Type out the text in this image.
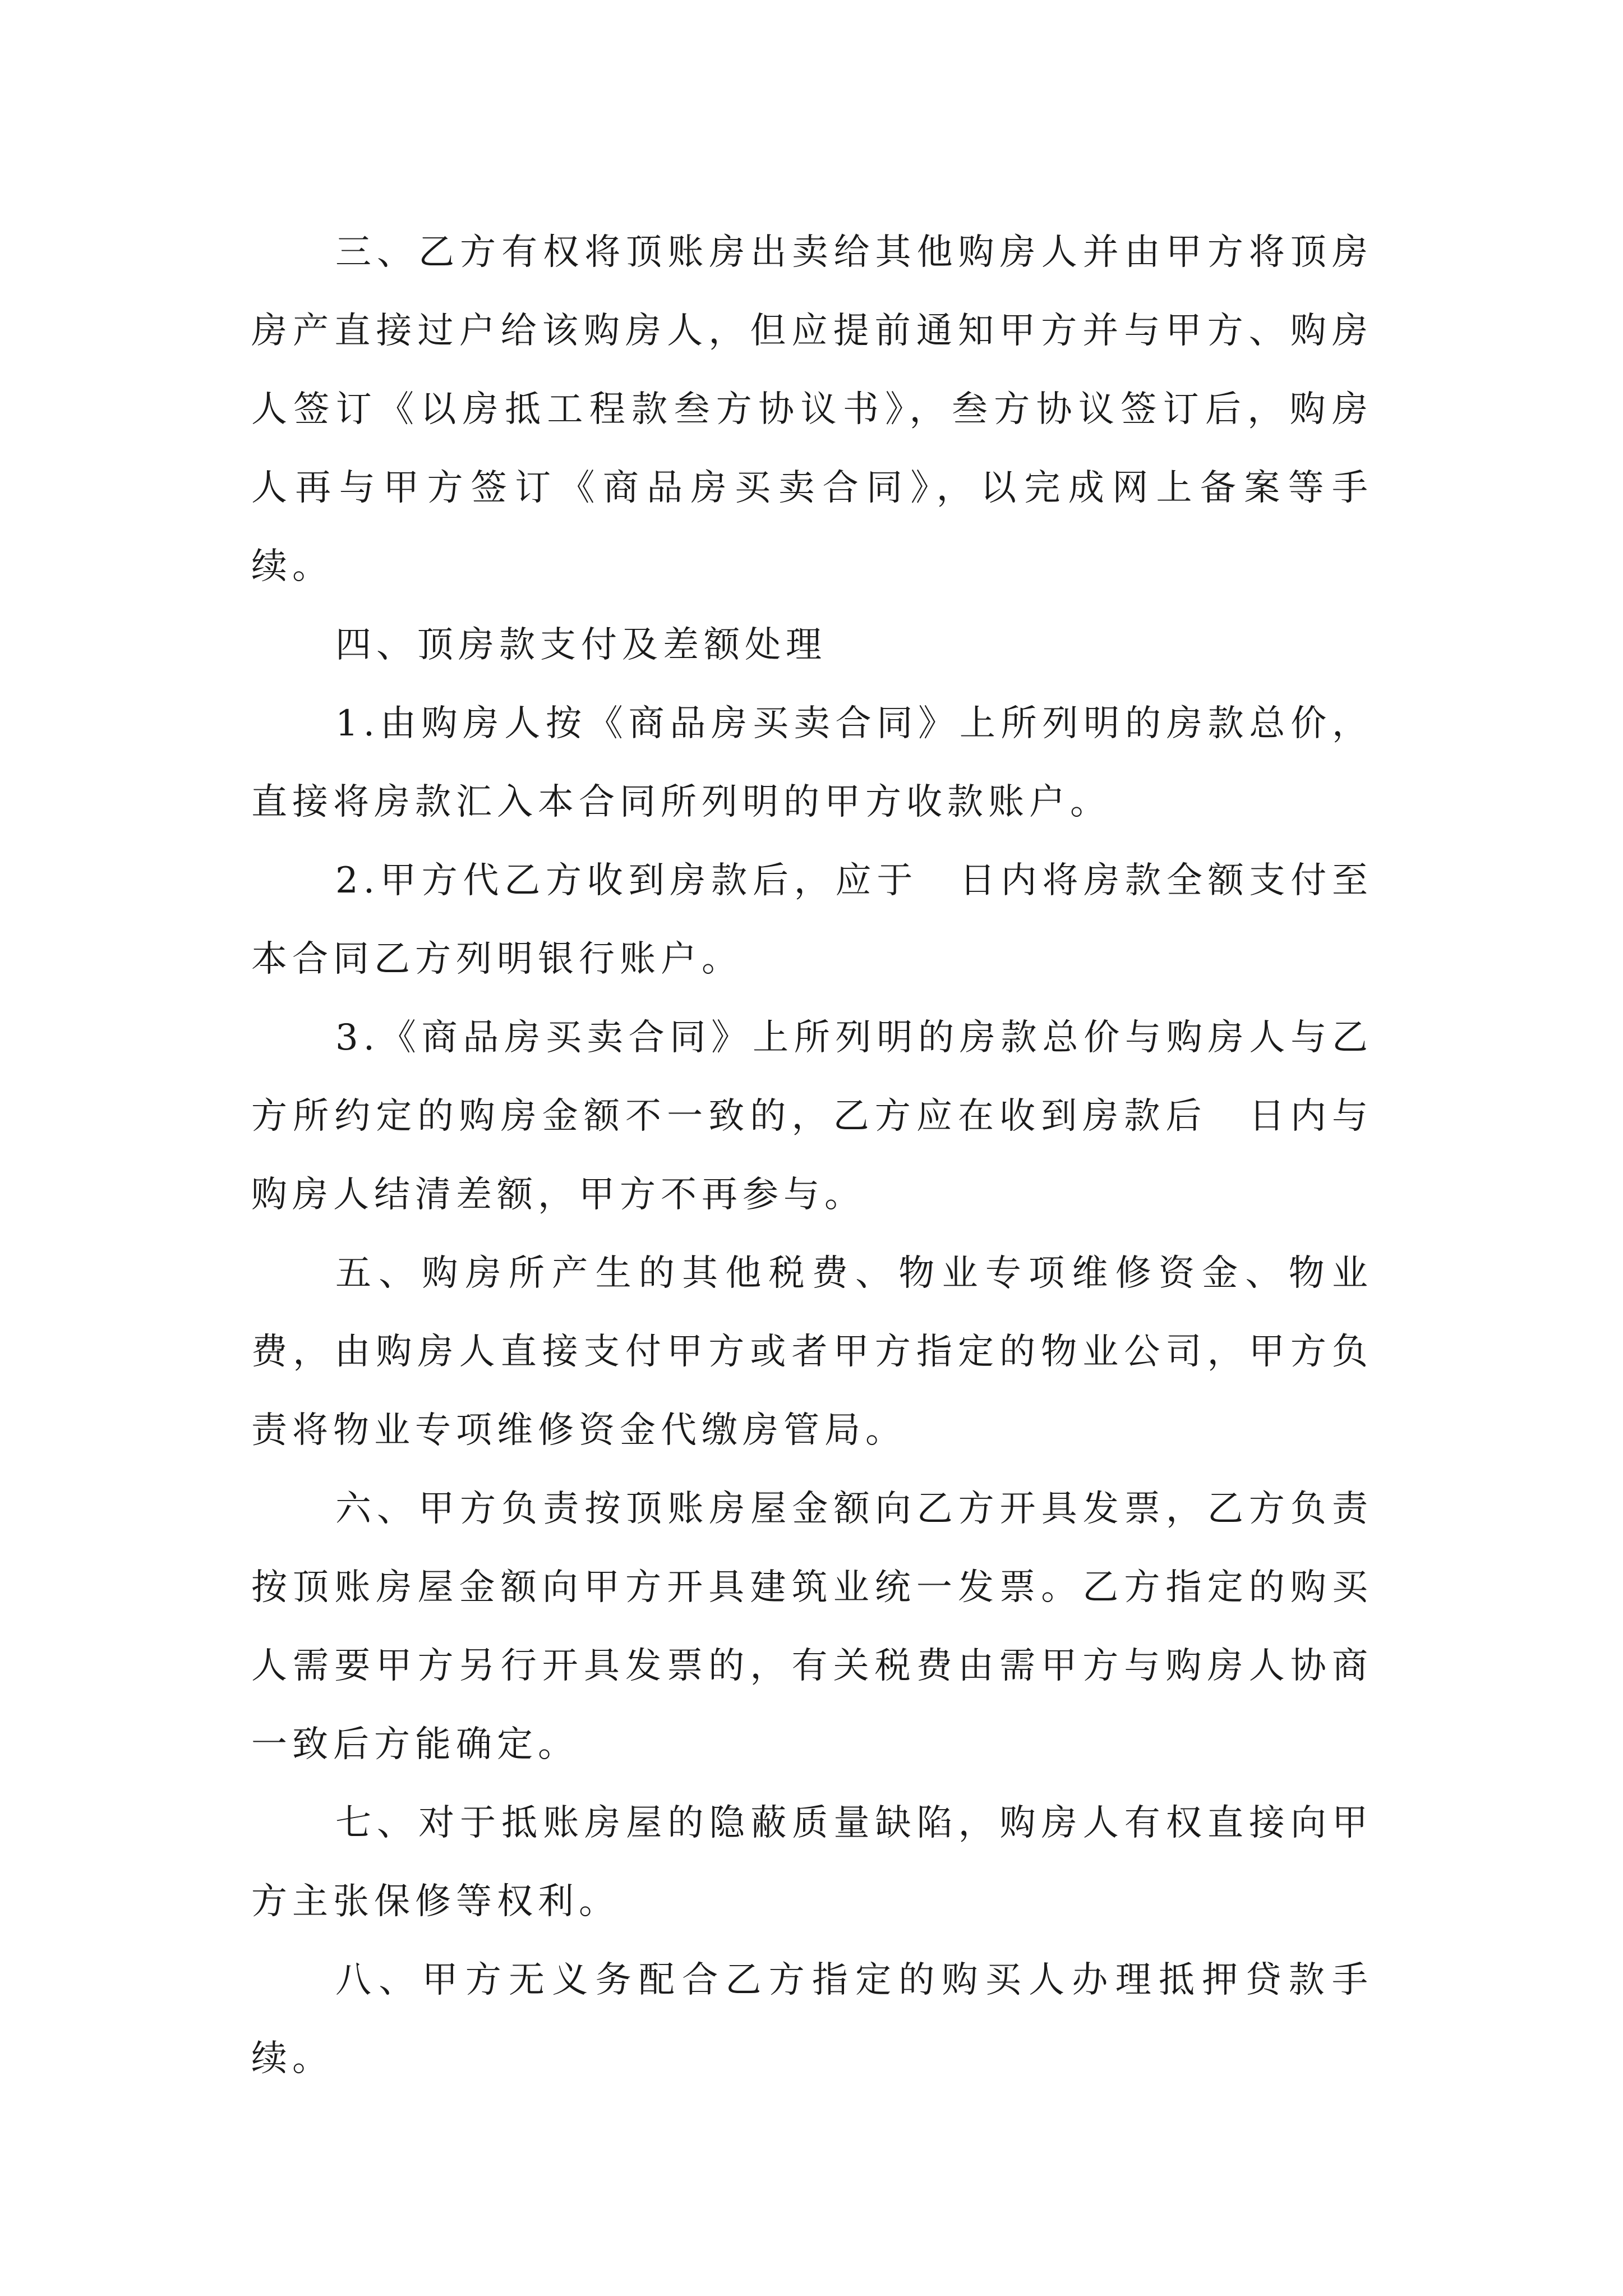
三、乙方有权将顶账房出卖给其他购房人并由甲方将顶房房产直接过户给该购房人，但应提前通知甲方并与甲方、购房人签订《以房抵工程款叁方协议书》，叁方协议签订后，购房人再与甲方签订《商品房买卖合同》，以完成网上备案等手续。

四、顶房款支付及差额处理

1.由购房人按《商品房买卖合同》上所列明的房款总价，直接将房款汇入本合同所列明的甲方收款账户。

2.甲方代乙方收到房款后，应于　日内将房款全额支付至本合同乙方列明银行账户。

3.《商品房买卖合同》上所列明的房款总价与购房人与乙方所约定的购房金额不一致的，乙方应在收到房款后　日内与购房人结清差额，甲方不再参与。

五、购房所产生的其他税费、物业专项维修资金、物业费，由购房人直接支付甲方或者甲方指定的物业公司，甲方负责将物业专项维修资金代缴房管局。

六、甲方负责按顶账房屋金额向乙方开具发票，乙方负责按顶账房屋金额向甲方开具建筑业统一发票。乙方指定的购买人需要甲方另行开具发票的，有关税费由需甲方与购房人协商一致后方能确定。

七、对于抵账房屋的隐蔽质量缺陷，购房人有权直接向甲方主张保修等权利。

八、甲方无义务配合乙方指定的购买人办理抵押贷款手续。
